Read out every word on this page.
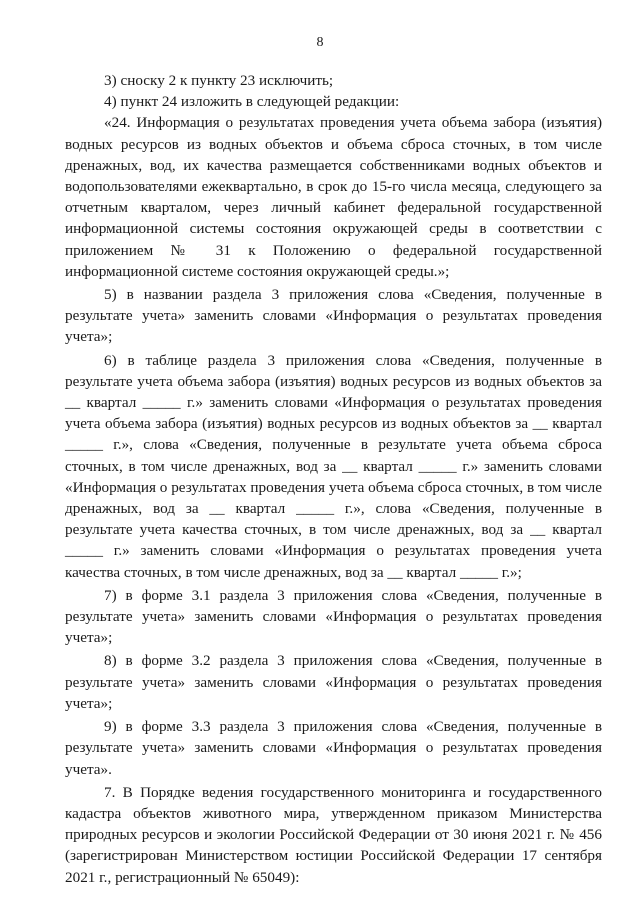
8

3) сноску 2 к пункту 23 исключить;

4) пункт 24 изложить в следующей редакции:

«24. Информация о результатах проведения учета объема забора (изъятия) водных ресурсов из водных объектов и объема сброса сточных, в том числе дренажных, вод, их качества размещается собственниками водных объектов и водопользователями ежеквартально, в срок до 15-го числа месяца, следующего за отчетным кварталом, через личный кабинет федеральной государственной информационной системы состояния окружающей среды в соответствии с приложением № 31 к Положению о федеральной государственной информационной системе состояния окружающей среды.»;

5) в названии раздела 3 приложения слова «Сведения, полученные в результате учета» заменить словами «Информация о результатах проведения учета»;

6) в таблице раздела 3 приложения слова «Сведения, полученные в результате учета объема забора (изъятия) водных ресурсов из водных объектов за __ квартал _____ г.» заменить словами «Информация о результатах проведения учета объема забора (изъятия) водных ресурсов из водных объектов за __ квартал _____ г.», слова «Сведения, полученные в результате учета объема сброса сточных, в том числе дренажных, вод за __ квартал _____ г.» заменить словами «Информация о результатах проведения учета объема сброса сточных, в том числе дренажных, вод за __ квартал _____ г.», слова «Сведения, полученные в результате учета качества сточных, в том числе дренажных, вод за __ квартал _____ г.» заменить словами «Информация о результатах проведения учета качества сточных, в том числе дренажных, вод за __ квартал _____ г.»;

7) в форме 3.1 раздела 3 приложения слова «Сведения, полученные в результате учета» заменить словами «Информация о результатах проведения учета»;

8) в форме 3.2 раздела 3 приложения слова «Сведения, полученные в результате учета» заменить словами «Информация о результатах проведения учета»;

9) в форме 3.3 раздела 3 приложения слова «Сведения, полученные в результате учета» заменить словами «Информация о результатах проведения учета».

7. В Порядке ведения государственного мониторинга и государственного кадастра объектов животного мира, утвержденном приказом Министерства природных ресурсов и экологии Российской Федерации от 30 июня 2021 г. № 456 (зарегистрирован Министерством юстиции Российской Федерации 17 сентября 2021 г., регистрационный № 65049):
